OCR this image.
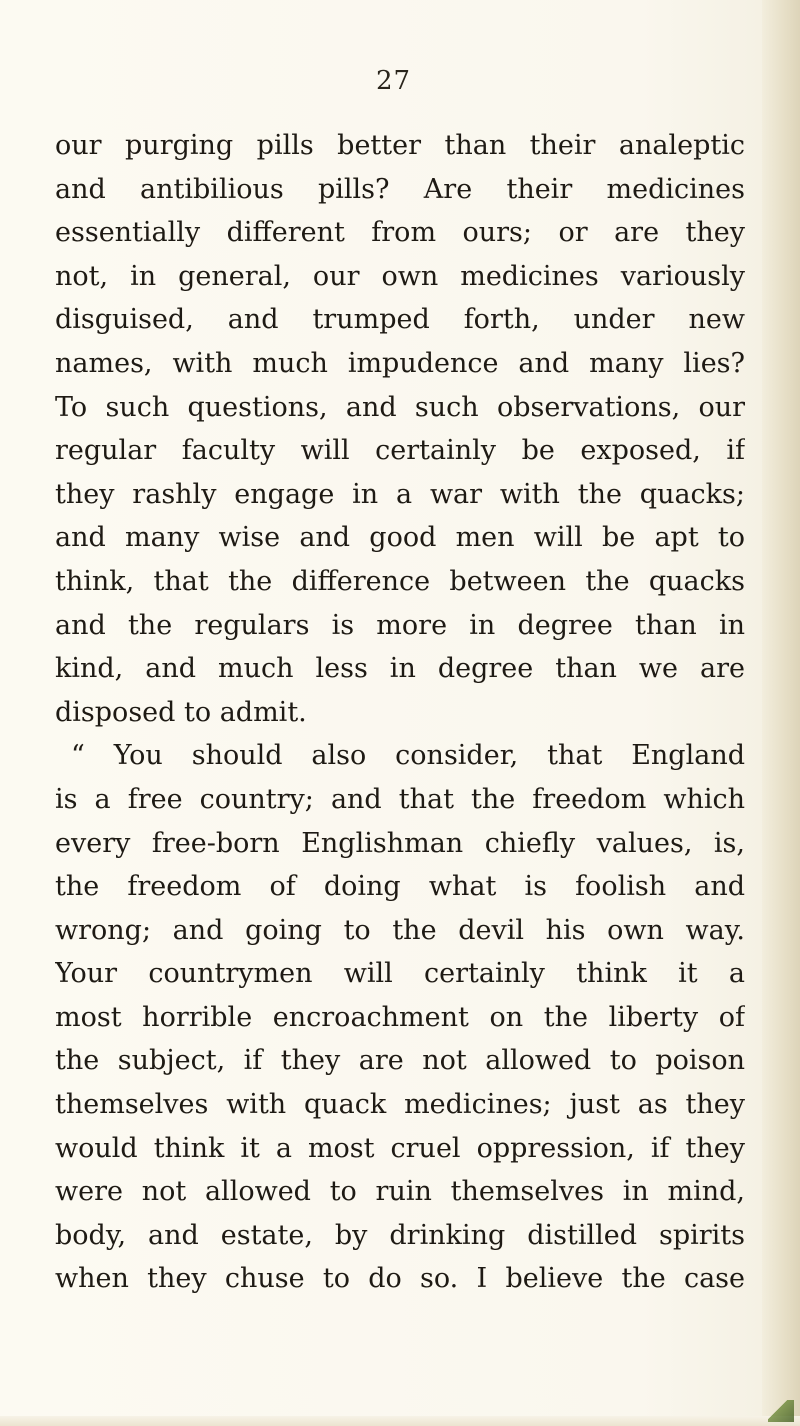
27
our purging pills better than their analeptic
and antibilious pills? Are their medicines
essentially different from ours; or are they
not, in general, our own medicines variously
disguised, and trumped forth, under new
names, with much impudence and many lies?
To such questions, and such observations, our
regular faculty will certainly be exposed, if
they rashly engage in a war with the quacks;
and many wise and good men will be apt to
think, that the difference between the quacks
and the regulars is more in degree than in
kind, and much less in degree than we are
disposed to admit.
“ You should also consider, that England
is a free country; and that the freedom which
every free-born Englishman chiefly values, is,
the freedom of doing what is foolish and
wrong; and going to the devil his own way.
Your countrymen will certainly think it a
most horrible encroachment on the liberty of
the subject, if they are not allowed to poison
themselves with quack medicines; just as they
would think it a most cruel oppression, if they
were not allowed to ruin themselves in mind,
body, and estate, by drinking distilled spirits
when they chuse to do so. I believe the case
